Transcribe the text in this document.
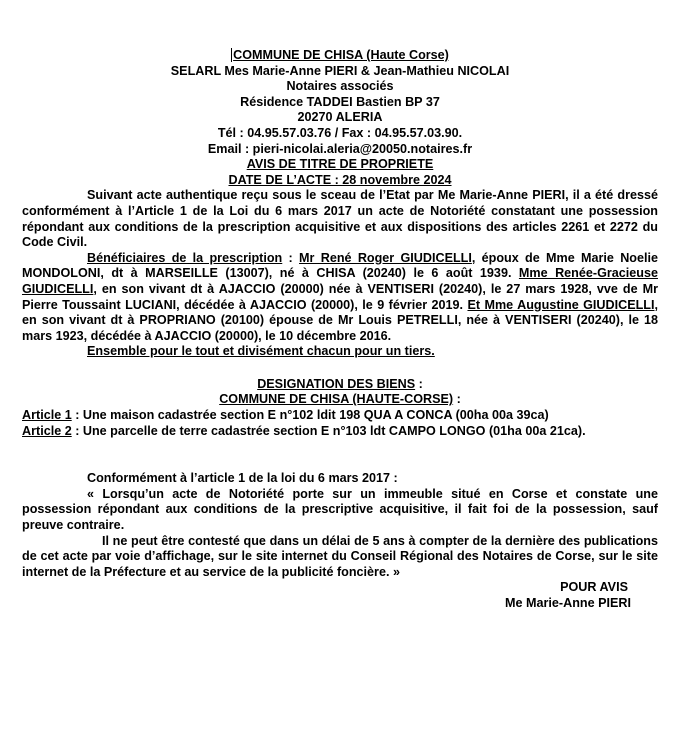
COMMUNE DE CHISA (Haute Corse)

SELARL Mes Marie-Anne PIERI & Jean-Mathieu NICOLAI

Notaires associés

Résidence TADDEI Bastien BP 37

20270 ALERIA

Tél : 04.95.57.03.76 / Fax : 04.95.57.03.90.

Email : pieri-nicolai.aleria@20050.notaires.fr

AVIS DE TITRE DE PROPRIETE

DATE DE L’ACTE : 28 novembre 2024

Suivant acte authentique reçu sous le sceau de l’Etat par Me Marie-Anne PIERI, il a été dressé conformément à l’Article 1 de la Loi du 6 mars 2017 un acte de Notoriété constatant une possession répondant aux conditions de la prescription acquisitive et aux dispositions des articles 2261 et 2272 du Code Civil.

Bénéficiaires de la prescription : Mr René Roger GIUDICELLI, époux de Mme Marie Noelie MONDOLONI, dt à MARSEILLE (13007), né à CHISA (20240) le 6 août 1939. Mme Renée-Gracieuse GIUDICELLI, en son vivant dt à AJACCIO (20000) née à VENTISERI (20240), le 27 mars 1928, vve de Mr Pierre Toussaint LUCIANI, décédée à AJACCIO (20000), le 9 février 2019. Et Mme Augustine GIUDICELLI, en son vivant dt à PROPRIANO (20100) épouse de Mr Louis PETRELLI, née à VENTISERI (20240), le 18 mars 1923, décédée à AJACCIO (20000), le 10 décembre 2016.

Ensemble pour le tout et divisément chacun pour un tiers.

DESIGNATION DES BIENS :

COMMUNE DE CHISA (HAUTE-CORSE) :

Article 1 : Une maison cadastrée section E n°102 ldit 198 QUA A CONCA (00ha 00a 39ca)

Article 2 : Une parcelle de terre cadastrée section E n°103 ldt CAMPO LONGO (01ha 00a 21ca).

Conformément à l’article 1 de la loi du 6 mars 2017 :

« Lorsqu’un acte de Notoriété porte sur un immeuble situé en Corse et constate une possession répondant aux conditions de la prescriptive acquisitive, il fait foi de la possession, sauf preuve contraire.

Il ne peut être contesté que dans un délai de 5 ans à compter de la dernière des publications de cet acte par voie d’affichage, sur le site internet du Conseil Régional des Notaires de Corse, sur le site internet de la Préfecture et au service de la publicité foncière. »

POUR AVIS

Me Marie-Anne PIERI
